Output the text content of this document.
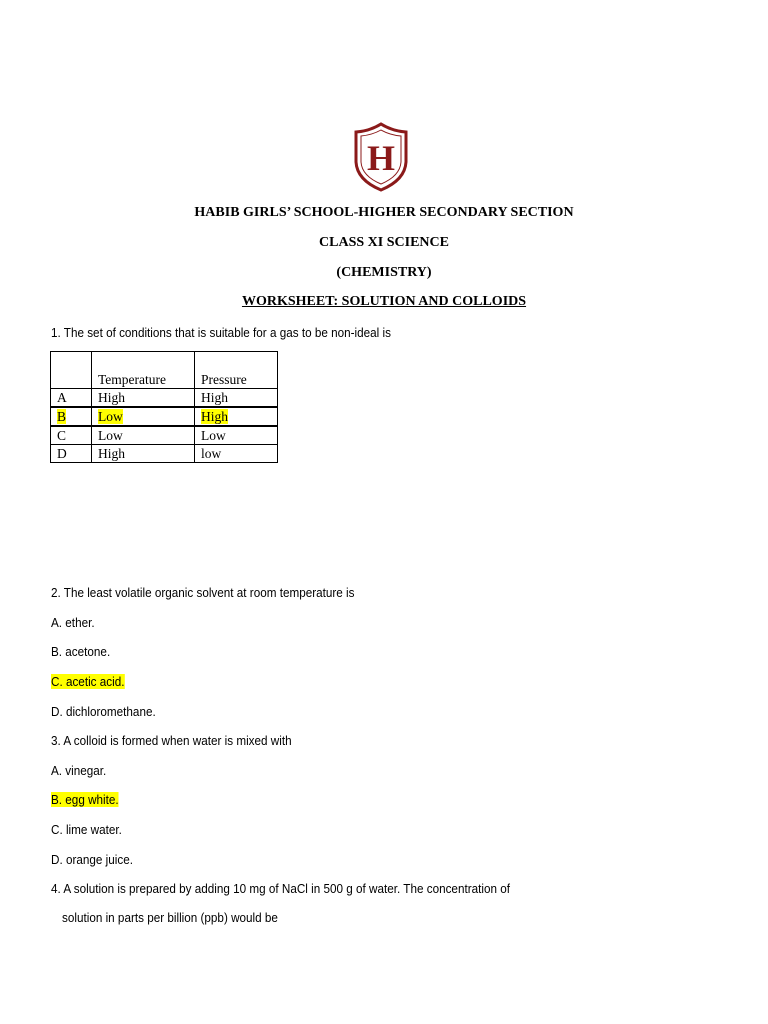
H
HABIB GIRLS’ SCHOOL-HIGHER SECONDARY SECTION
CLASS XI SCIENCE
(CHEMISTRY)
WORKSHEET: SOLUTION AND COLLOIDS
1. The set of conditions that is suitable for a gas to be non-ideal is
	Temperature	Pressure
A	High	High
B	Low	High
C	Low	Low
D	High	low
2. The least volatile organic solvent at room temperature is
A. ether.
B. acetone.
C. acetic acid.
D. dichloromethane.
3. A colloid is formed when water is mixed with
A. vinegar.
B. egg white.
C. lime water.
D. orange juice.
4. A solution is prepared by adding 10 mg of NaCl in 500 g of water. The concentration of
solution in parts per billion (ppb) would be
